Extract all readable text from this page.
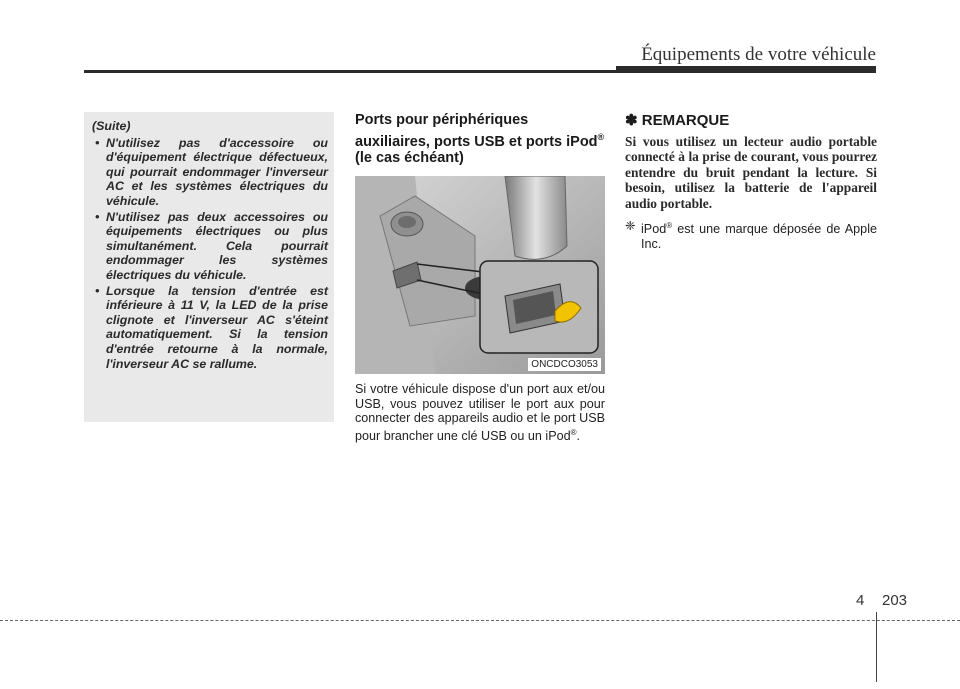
Équipements de votre véhicule
(Suite)
• N'utilisez pas d'accessoire ou d'équipement électrique défectueux, qui pourrait endommager l'inverseur AC et les systèmes électriques du véhicule.
• N'utilisez pas deux accessoires ou équipements électriques ou plus simultanément. Cela pourrait endommager les systèmes électriques du véhicule.
• Lorsque la tension d'entrée est inférieure à 11 V, la LED de la prise clignote et l'inverseur AC s'éteint automatiquement. Si la tension d'entrée retourne à la normale, l'inverseur AC se rallume.
Ports pour périphériques auxiliaires, ports USB et ports iPod® (le cas échéant)
ONCDCO3053
Si votre véhicule dispose d'un port aux et/ou USB, vous pouvez utiliser le port aux pour connecter des appareils audio et le port USB pour brancher une clé USB ou un iPod®.
✽ REMARQUE

Si vous utilisez un lecteur audio portable connecté à la prise de courant, vous pourrez entendre du bruit pendant la lecture. Si besoin, utilisez la batterie de l'appareil audio portable.

❈ iPod® est une marque déposée de Apple Inc.
4 203
